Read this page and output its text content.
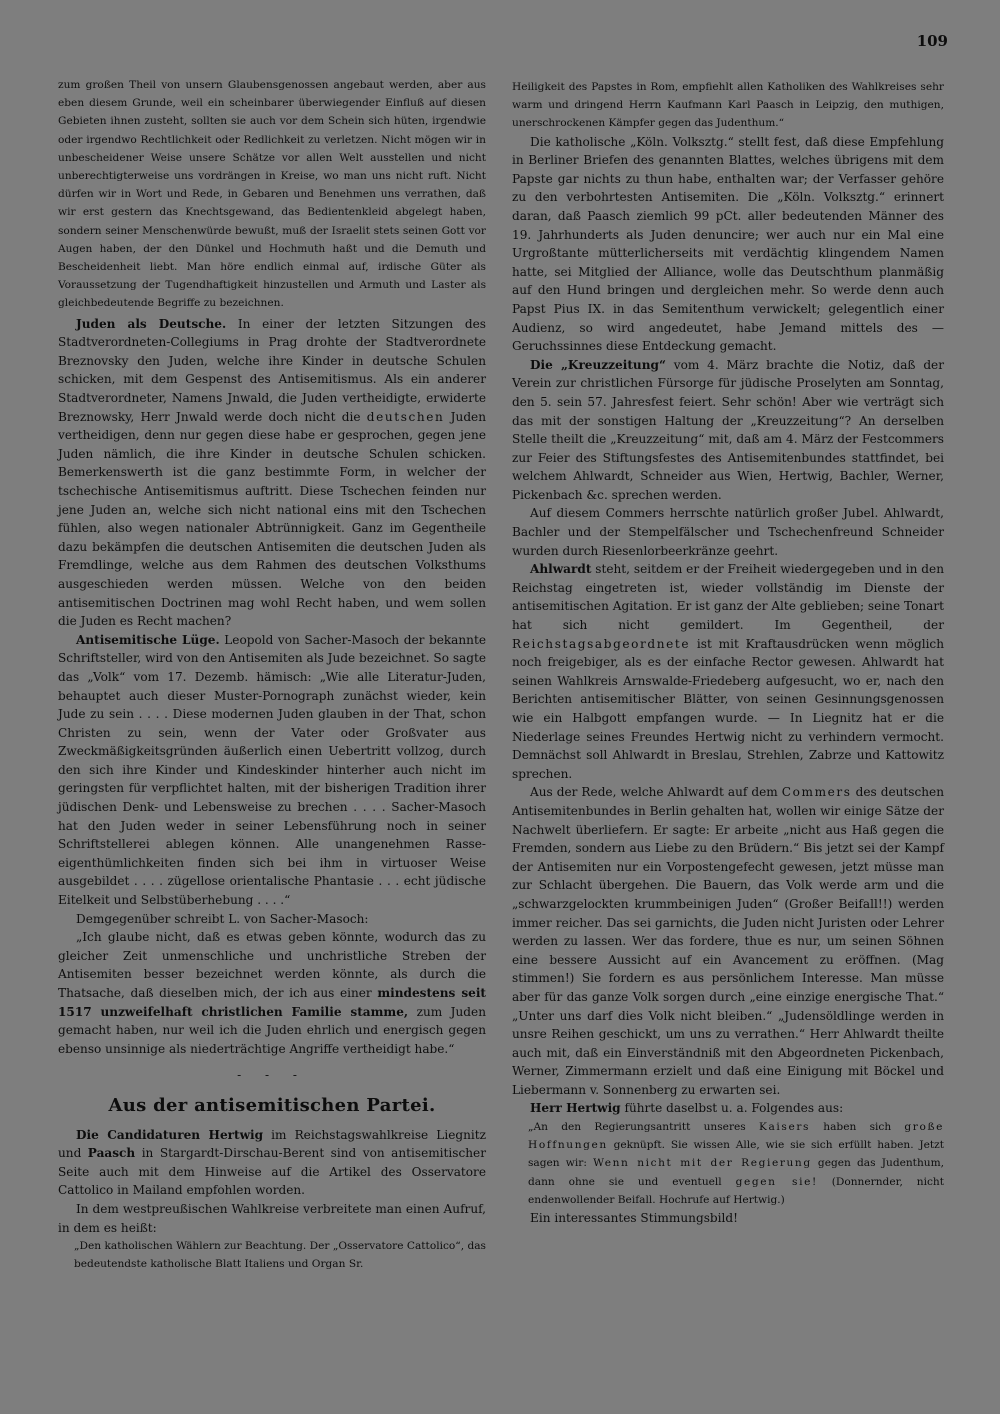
109

zum großen Theil von unsern Glaubensgenossen angebaut werden, aber aus eben diesem Grunde, weil ein scheinbarer überwiegender Einfluß auf diesen Gebieten ihnen zusteht, sollten sie auch vor dem Schein sich hüten, irgendwie oder irgendwo Rechtlichkeit oder Redlichkeit zu verletzen. Nicht mögen wir in unbescheidener Weise unsere Schätze vor allen Welt ausstellen und nicht unberechtigterweise uns vordrängen in Kreise, wo man uns nicht ruft. Nicht dürfen wir in Wort und Rede, in Gebaren und Benehmen uns verrathen, daß wir erst gestern das Knechtsgewand, das Bedientenkleid abgelegt haben, sondern seiner Menschenwürde bewußt, muß der Israelit stets seinen Gott vor Augen haben, der den Dünkel und Hochmuth haßt und die Demuth und Bescheidenheit liebt. Man höre endlich einmal auf, irdische Güter als Voraussetzung der Tugendhaftigkeit hinzustellen und Armuth und Laster als gleichbedeutende Begriffe zu bezeichnen.

Juden als Deutsche. In einer der letzten Sitzungen des Stadtverordneten-Collegiums in Prag drohte der Stadtverordnete Breznovsky den Juden, welche ihre Kinder in deutsche Schulen schicken, mit dem Gespenst des Antisemitismus. Als ein anderer Stadtverordneter, Namens Jnwald, die Juden vertheidigte, erwiderte Breznowsky, Herr Jnwald werde doch nicht die deutschen Juden vertheidigen, denn nur gegen diese habe er gesprochen, gegen jene Juden nämlich, die ihre Kinder in deutsche Schulen schicken. Bemerkenswerth ist die ganz bestimmte Form, in welcher der tschechische Antisemitismus auftritt. Diese Tschechen feinden nur jene Juden an, welche sich nicht national eins mit den Tschechen fühlen, also wegen nationaler Abtrünnigkeit. Ganz im Gegentheile dazu bekämpfen die deutschen Antisemiten die deutschen Juden als Fremdlinge, welche aus dem Rahmen des deutschen Volksthums ausgeschieden werden müssen. Welche von den beiden antisemitischen Doctrinen mag wohl Recht haben, und wem sollen die Juden es Recht machen?

Antisemitische Lüge. Leopold von Sacher-Masoch der bekannte Schriftsteller, wird von den Antisemiten als Jude bezeichnet. So sagte das „Volk“ vom 17. Dezemb. hämisch: „Wie alle Literatur-Juden, behauptet auch dieser Muster-Pornograph zunächst wieder, kein Jude zu sein . . . . Diese modernen Juden glauben in der That, schon Christen zu sein, wenn der Vater oder Großvater aus Zweckmäßigkeitsgründen äußerlich einen Uebertritt vollzog, durch den sich ihre Kinder und Kindeskinder hinterher auch nicht im geringsten für verpflichtet halten, mit der bisherigen Tradition ihrer jüdischen Denk- und Lebensweise zu brechen . . . . Sacher-Masoch hat den Juden weder in seiner Lebensführung noch in seiner Schriftstellerei ablegen können. Alle unangenehmen Rasse-eigenthümlichkeiten finden sich bei ihm in virtuoser Weise ausgebildet . . . . zügellose orientalische Phantasie . . . echt jüdische Eitelkeit und Selbstüberhebung . . . .“

Demgegenüber schreibt L. von Sacher-Masoch:

„Ich glaube nicht, daß es etwas geben könnte, wodurch das zu gleicher Zeit unmenschliche und unchristliche Streben der Antisemiten besser bezeichnet werden könnte, als durch die Thatsache, daß dieselben mich, der ich aus einer mindestens seit 1517 unzweifelhaft christlichen Familie stamme, zum Juden gemacht haben, nur weil ich die Juden ehrlich und energisch gegen ebenso unsinnige als niederträchtige Angriffe vertheidigt habe.“

- - -
Aus der antisemitischen Partei.

Die Candidaturen Hertwig im Reichstagswahlkreise Liegnitz und Paasch in Stargardt-Dirschau-Berent sind von antisemitischer Seite auch mit dem Hinweise auf die Artikel des Osservatore Cattolico in Mailand empfohlen worden.

In dem westpreußischen Wahlkreise verbreitete man einen Aufruf, in dem es heißt:

„Den katholischen Wählern zur Beachtung. Der „Osservatore Cattolico“, das bedeutendste katholische Blatt Italiens und Organ Sr.

Heiligkeit des Papstes in Rom, empfiehlt allen Katholiken des Wahlkreises sehr warm und dringend Herrn Kaufmann Karl Paasch in Leipzig, den muthigen, unerschrockenen Kämpfer gegen das Judenthum.“

Die katholische „Köln. Volksztg.“ stellt fest, daß diese Empfehlung in Berliner Briefen des genannten Blattes, welches übrigens mit dem Papste gar nichts zu thun habe, enthalten war; der Verfasser gehöre zu den verbohrtesten Antisemiten. Die „Köln. Volksztg.“ erinnert daran, daß Paasch ziemlich 99 pCt. aller bedeutenden Männer des 19. Jahrhunderts als Juden denuncire; wer auch nur ein Mal eine Urgroßtante mütterlicherseits mit verdächtig klingendem Namen hatte, sei Mitglied der Alliance, wolle das Deutschthum planmäßig auf den Hund bringen und dergleichen mehr. So werde denn auch Papst Pius IX. in das Semitenthum verwickelt; gelegentlich einer Audienz, so wird angedeutet, habe Jemand mittels des — Geruchssinnes diese Entdeckung gemacht.

Die „Kreuzzeitung“ vom 4. März brachte die Notiz, daß der Verein zur christlichen Fürsorge für jüdische Proselyten am Sonntag, den 5. sein 57. Jahresfest feiert. Sehr schön! Aber wie verträgt sich das mit der sonstigen Haltung der „Kreuzzeitung“? An derselben Stelle theilt die „Kreuzzeitung“ mit, daß am 4. März der Festcommers zur Feier des Stiftungsfestes des Antisemitenbundes stattfindet, bei welchem Ahlwardt, Schneider aus Wien, Hertwig, Bachler, Werner, Pickenbach &c. sprechen werden.

Auf diesem Commers herrschte natürlich großer Jubel. Ahlwardt, Bachler und der Stempelfälscher und Tschechenfreund Schneider wurden durch Riesenlorbeerkränze geehrt.

Ahlwardt steht, seitdem er der Freiheit wiedergegeben und in den Reichstag eingetreten ist, wieder vollständig im Dienste der antisemitischen Agitation. Er ist ganz der Alte geblieben; seine Tonart hat sich nicht gemildert. Im Gegentheil, der Reichstagsabgeordnete ist mit Kraftausdrücken wenn möglich noch freigebiger, als es der einfache Rector gewesen. Ahlwardt hat seinen Wahlkreis Arnswalde-Friedeberg aufgesucht, wo er, nach den Berichten antisemitischer Blätter, von seinen Gesinnungsgenossen wie ein Halbgott empfangen wurde. — In Liegnitz hat er die Niederlage seines Freundes Hertwig nicht zu verhindern vermocht. Demnächst soll Ahlwardt in Breslau, Strehlen, Zabrze und Kattowitz sprechen.

Aus der Rede, welche Ahlwardt auf dem Commers des deutschen Antisemitenbundes in Berlin gehalten hat, wollen wir einige Sätze der Nachwelt überliefern. Er sagte: Er arbeite „nicht aus Haß gegen die Fremden, sondern aus Liebe zu den Brüdern.“ Bis jetzt sei der Kampf der Antisemiten nur ein Vorpostengefecht gewesen, jetzt müsse man zur Schlacht übergehen. Die Bauern, das Volk werde arm und die „schwarzgelockten krummbeinigen Juden“ (Großer Beifall!!) werden immer reicher. Das sei garnichts, die Juden nicht Juristen oder Lehrer werden zu lassen. Wer das fordere, thue es nur, um seinen Söhnen eine bessere Aussicht auf ein Avancement zu eröffnen. (Mag stimmen!) Sie fordern es aus persönlichem Interesse. Man müsse aber für das ganze Volk sorgen durch „eine einzige energische That.“ „Unter uns darf dies Volk nicht bleiben.“ „Judensöldlinge werden in unsre Reihen geschickt, um uns zu verrathen.“ Herr Ahlwardt theilte auch mit, daß ein Einverständniß mit den Abgeordneten Pickenbach, Werner, Zimmermann erzielt und daß eine Einigung mit Böckel und Liebermann v. Sonnenberg zu erwarten sei.

Herr Hertwig führte daselbst u. a. Folgendes aus:

„An den Regierungsantritt unseres Kaisers haben sich große Hoffnungen geknüpft. Sie wissen Alle, wie sie sich erfüllt haben. Jetzt sagen wir: Wenn nicht mit der Regierung gegen das Judenthum, dann ohne sie und eventuell gegen sie! (Donnernder, nicht endenwollender Beifall. Hochrufe auf Hertwig.)

Ein interessantes Stimmungsbild!
